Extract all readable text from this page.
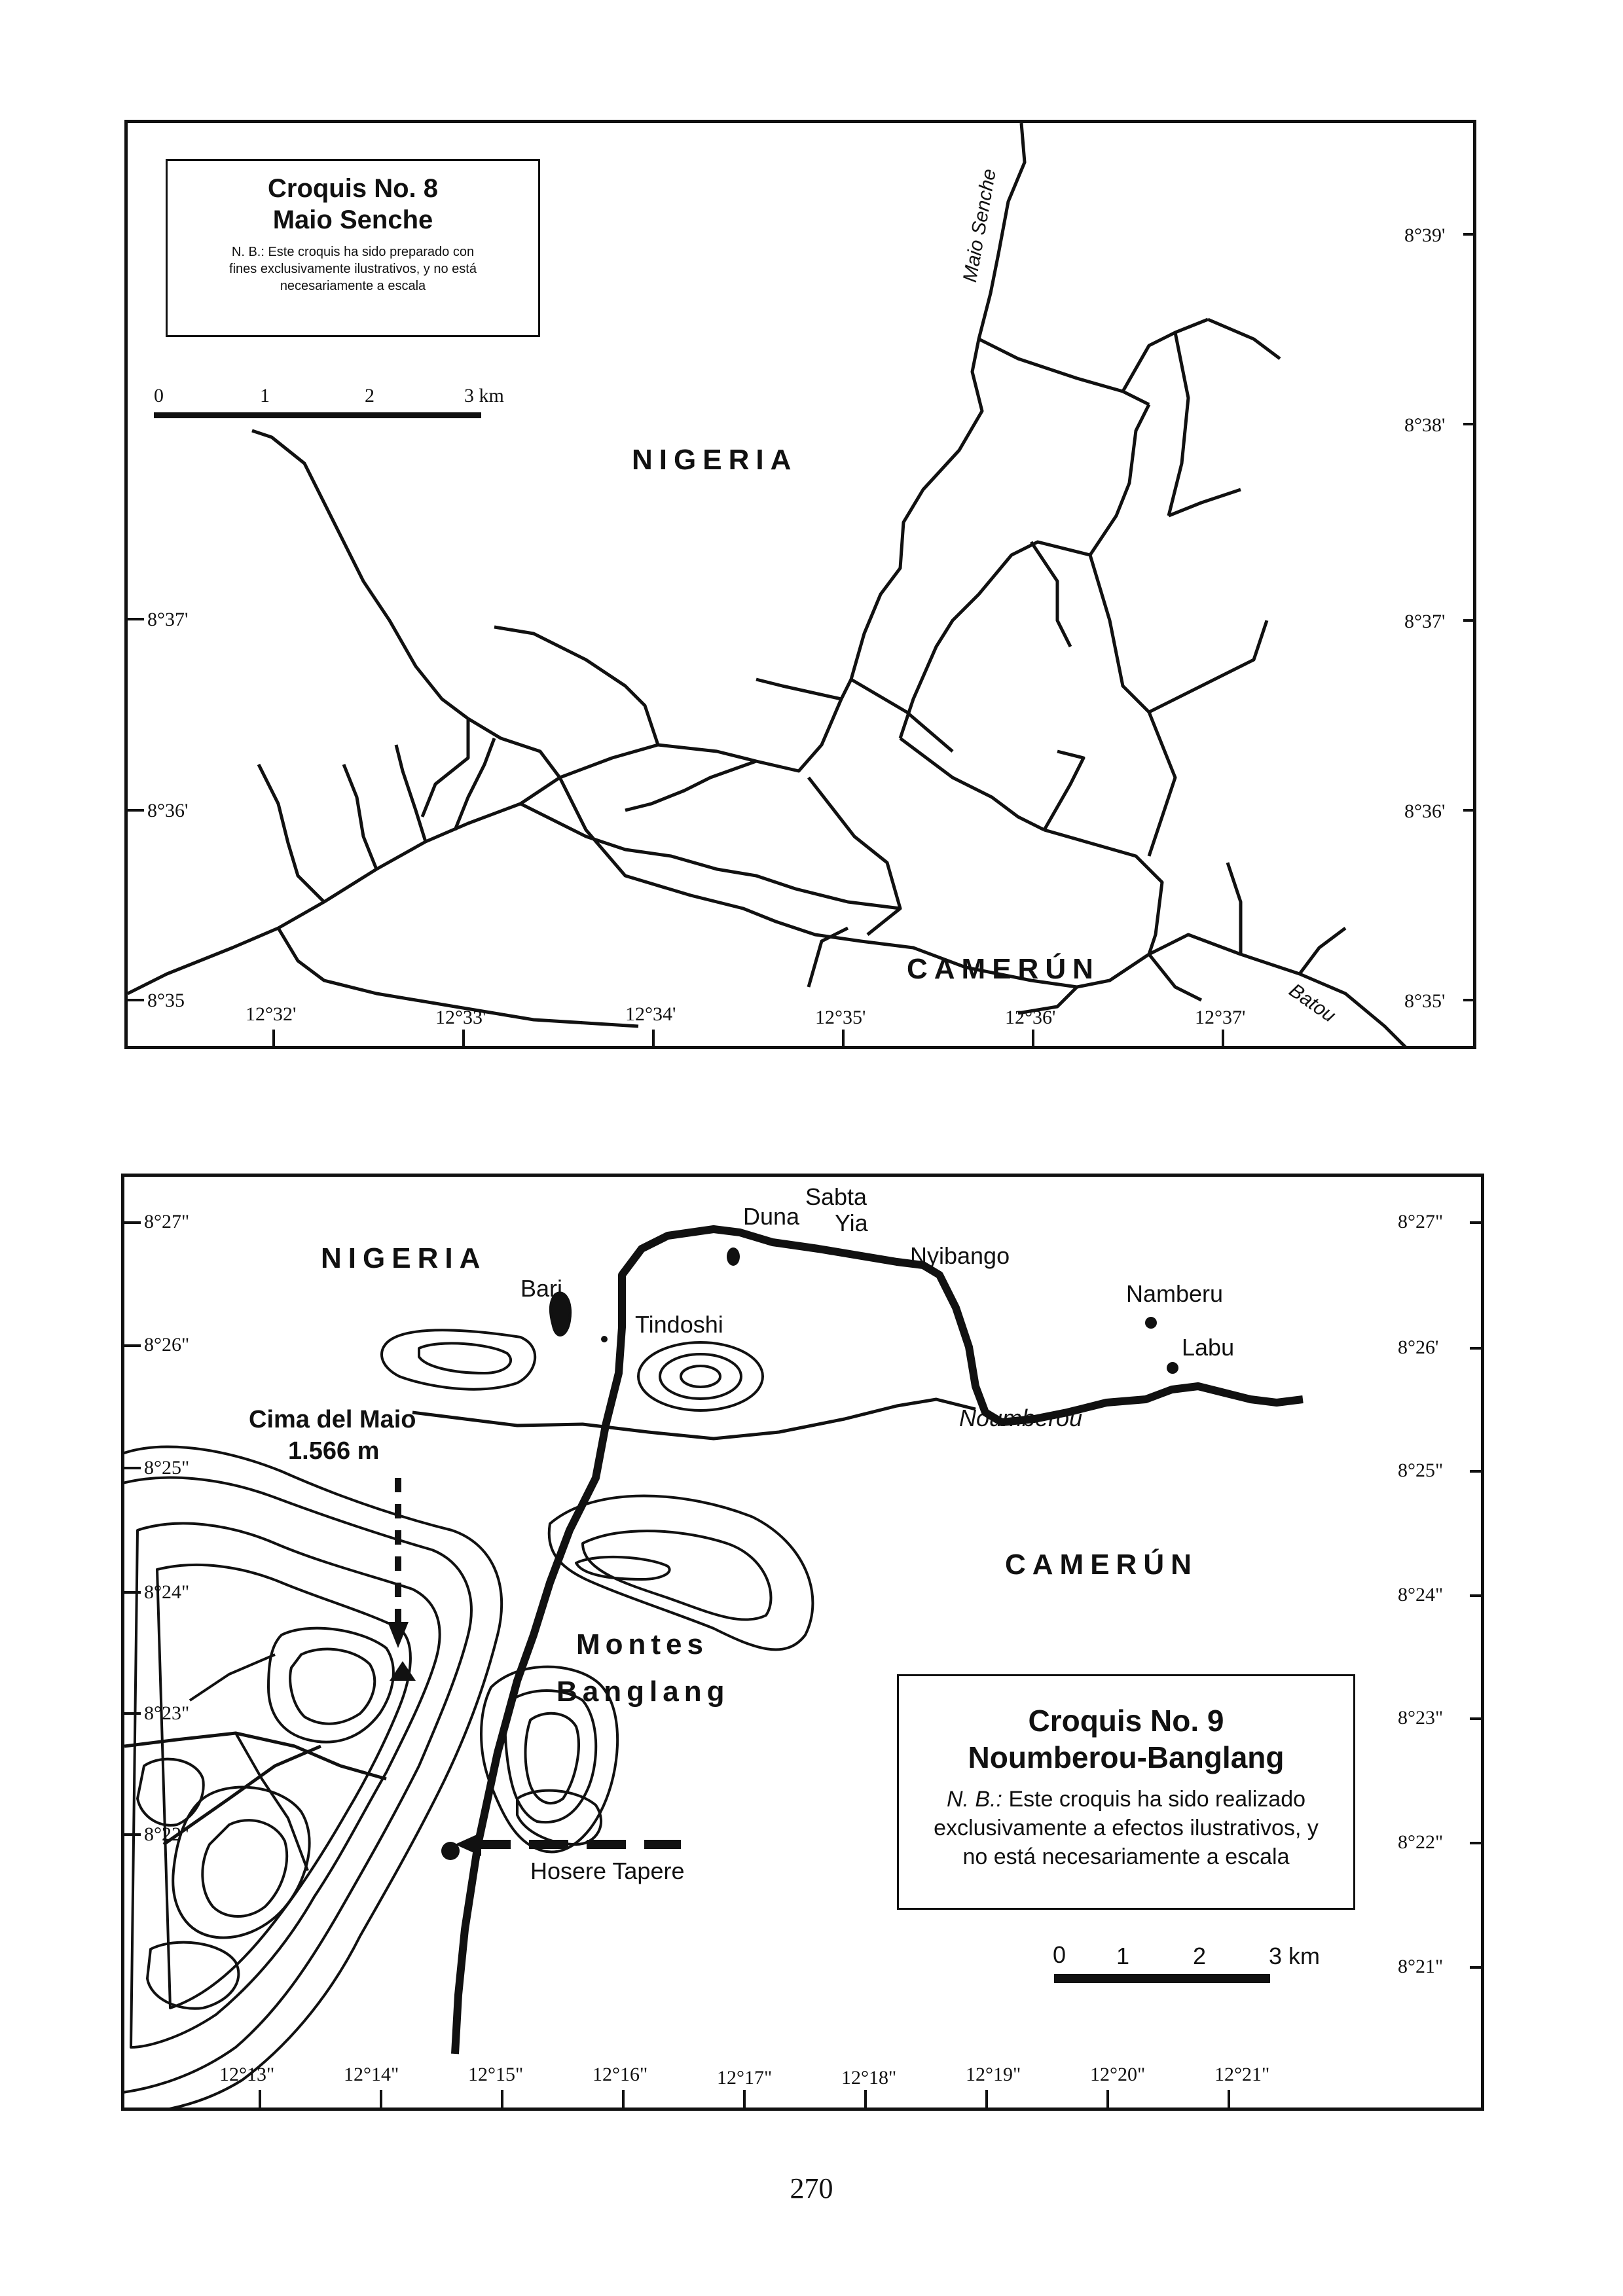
Croquis No. 8
Maio Senche
N. B.: Este croquis ha sido preparado con fines exclusivamente ilustrativos, y no está necesariamente a escala
0	1	2	3 km
NIGERIA
CAMERÚN
Maio Senche
Batou
8°39'
8°38'
8°37'
8°36'
8°35'
8°37'
8°36'
8°35
12°32'	12°33'	12°34'	12°35'	12°36'	12°37'
NIGERIA
CAMERÚN
Duna
Sabta
Yia
Nyibango
Bari
Tindoshi
Namberu
Labu
Noumberou
Montes
Banglang
Hosere Tapere
Cima del Maio
1.566 m
Croquis No. 9
Noumberou-Banglang
N. B.: Este croquis ha sido realizado exclusivamente a efectos ilustrativos, y no está necesariamente a escala
0 1	2	3 km
8°27"
8°26"
8°25"
8°24"
8°23"
8°22"
8°27"
8°26'
8°25"
8°24"
8°23"
8°22"
8°21"
12°13"	12°14"	12°15"	12°16"	12°17"	12°18"	12°19"	12°20"	12°21"
270
